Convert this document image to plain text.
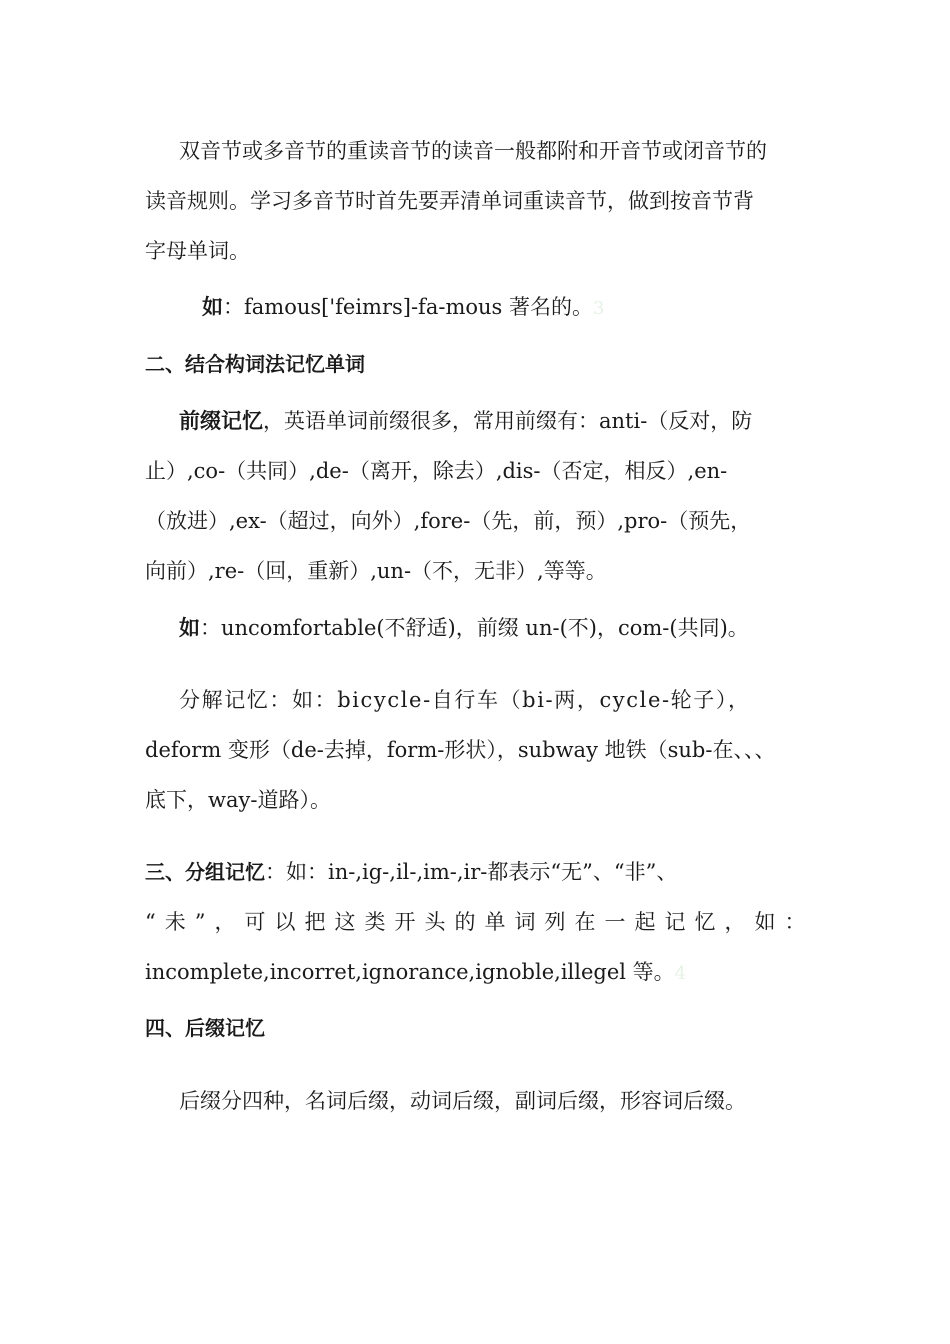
双音节或多音节的重读音节的读音一般都附和开音节或闭音节的
读音规则。学习多音节时首先要弄清单词重读音节，做到按音节背
字母单词。
如：famous['feimrs]-fa-mous 著名的。3
二、结合构词法记忆单词
前缀记忆，英语单词前缀很多，常用前缀有：anti-（反对，防
止）,co-（共同）,de-（离开，除去）,dis-（否定，相反）,en-
（放进）,ex-（超过，向外）,fore-（先，前，预）,pro-（预先，
向前）,re-（回，重新）,un-（不，无非）,等等。
如：uncomfortable(不舒适)，前缀 un-(不)，com-(共同)。
分解记忆：如：bicycle-自行车（bi-两，cycle-轮子），
deform 变形（de-去掉，form-形状），subway 地铁（sub-在、、、
底下，way-道路）。
三、分组记忆：如：in-,ig-,il-,im-,ir-都表示“无”、“非”、
“未”，可以把这类开头的单词列在一起记忆，如：
incomplete,incorret,ignorance,ignoble,illegel 等。4
四、后缀记忆
后缀分四种，名词后缀，动词后缀，副词后缀，形容词后缀。
